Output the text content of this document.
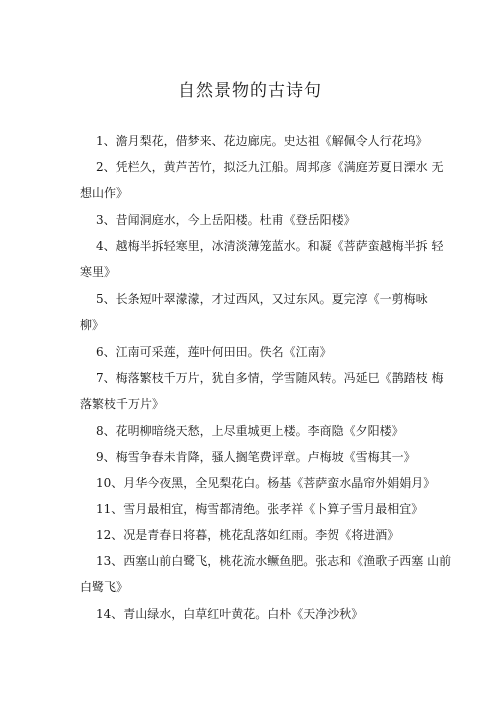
自然景物的古诗句
1、澹月梨花，借梦来、花边廊庑。史达祖《解佩令人行花坞》
2、凭栏久，黄芦苦竹，拟泛九江船。周邦彦《满庭芳夏日溧水 无
想山作》
3、昔闻洞庭水，今上岳阳楼。杜甫《登岳阳楼》
4、越梅半拆轻寒里，冰清淡薄笼蓝水。和凝《菩萨蛮越梅半拆 轻
寒里》
5、长条短叶翠濛濛，才过西风，又过东风。夏完淳《一剪梅咏
柳》
6、江南可采莲，莲叶何田田。佚名《江南》
7、梅落繁枝千万片，犹自多情，学雪随风转。冯延巳《鹊踏枝 梅
落繁枝千万片》
8、花明柳暗绕天愁，上尽重城更上楼。李商隐《夕阳楼》
9、梅雪争春未肯降，骚人搁笔费评章。卢梅坡《雪梅其一》
10、月华今夜黑，全见梨花白。杨基《菩萨蛮水晶帘外娟娟月》
11、雪月最相宜，梅雪都清绝。张孝祥《卜算子雪月最相宜》
12、况是青春日将暮，桃花乱落如红雨。李贺《将进酒》
13、西塞山前白鹭飞，桃花流水鳜鱼肥。张志和《渔歌子西塞 山前
白鹭飞》
14、青山绿水，白草红叶黄花。白朴《天净沙秋》
